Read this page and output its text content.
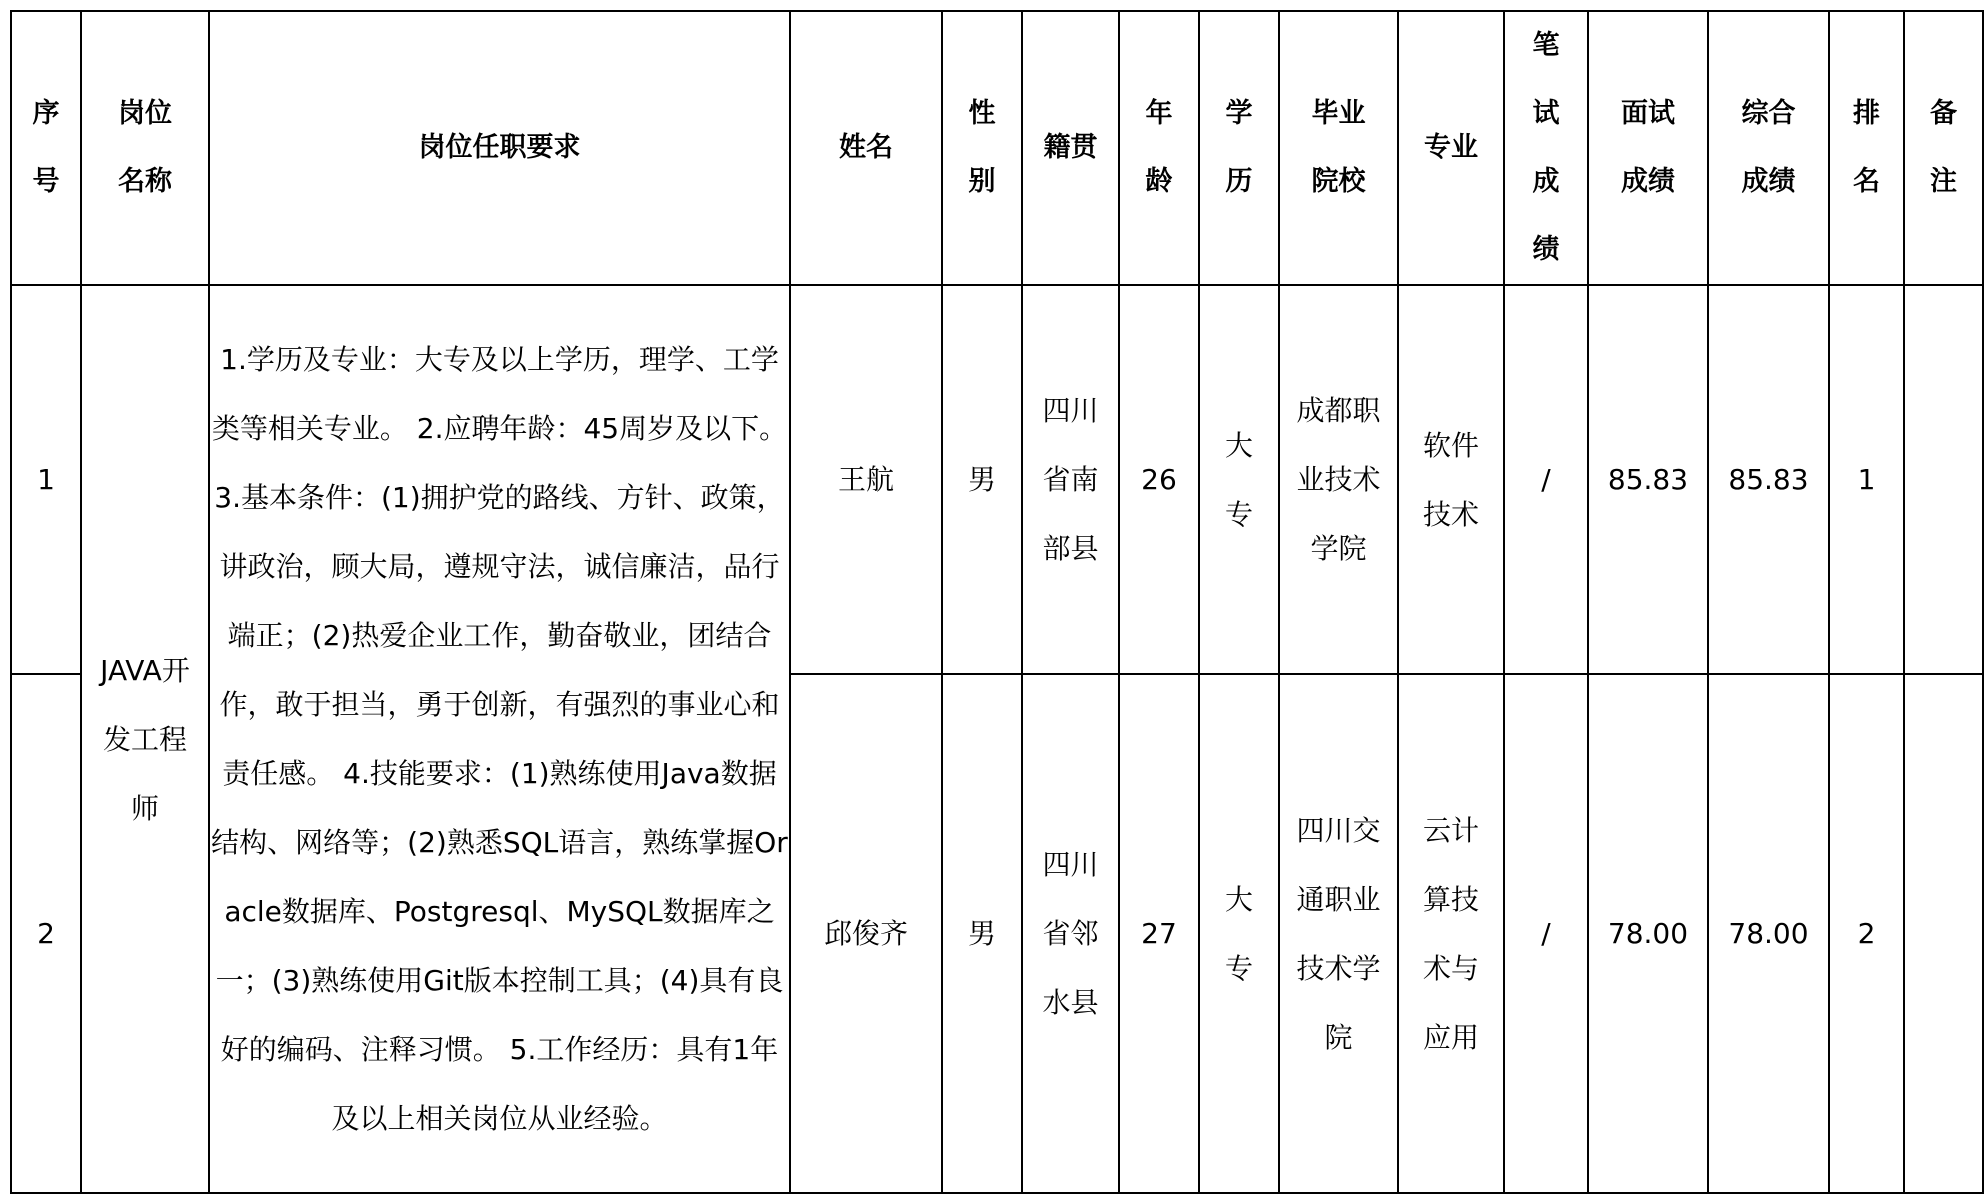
序号	岗位名称	岗位任职要求	姓名	性别	籍贯	年龄	学历	毕业院校	专业	笔试成绩	面试成绩	综合成绩	排名	备注
1	JAVA开发工程师	1.学历及专业：大专及以上学历，理学、工学类等相关专业。 2.应聘年龄：45周岁及以下。 3.基本条件：(1)拥护党的路线、方针、政策，讲政治，顾大局，遵规守法，诚信廉洁，品行端正；(2)热爱企业工作，勤奋敬业，团结合作，敢于担当，勇于创新，有强烈的事业心和责任感。 4.技能要求：(1)熟练使用Java数据结构、网络等；(2)熟悉SQL语言，熟练掌握Oracle数据库、Postgresql、MySQL数据库之一；(3)熟练使用Git版本控制工具；(4)具有良好的编码、注释习惯。 5.工作经历：具有1年及以上相关岗位从业经验。	王航	男	四川省南部县	26	大专	成都职业技术学院	软件技术	/	85.83	85.83	1	
2			邱俊齐	男	四川省邻水县	27	大专	四川交通职业技术学院	云计算技术与应用	/	78.00	78.00	2	
